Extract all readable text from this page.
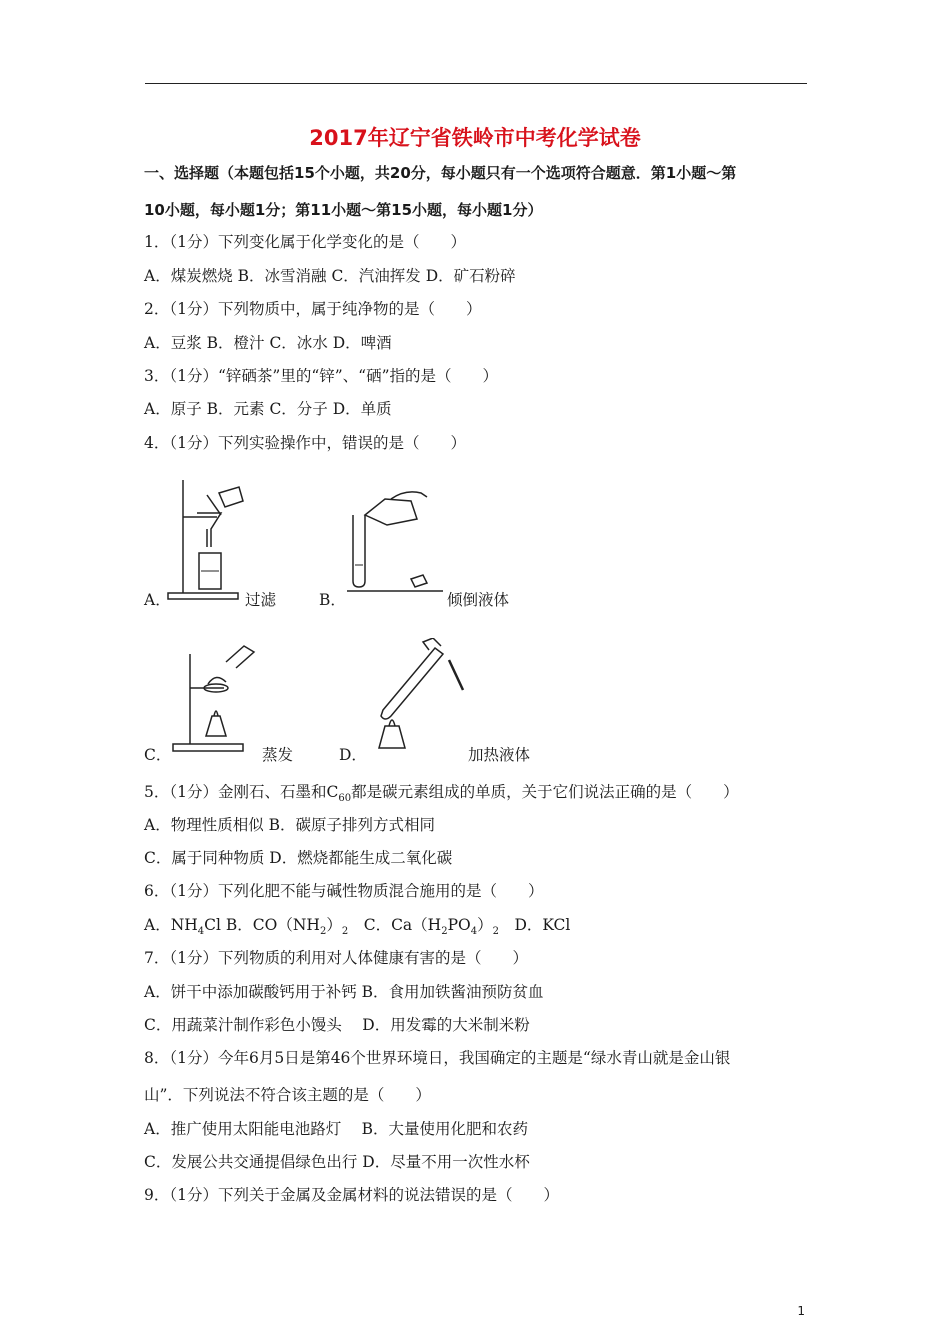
2017年辽宁省铁岭市中考化学试卷
一、选择题（本题包括15个小题，共20分，每小题只有一个选项符合题意．第1小题～第
10小题，每小题1分；第11小题～第15小题，每小题1分）
1．（1分）下列变化属于化学变化的是（　　）
A．煤炭燃烧 B．冰雪消融 C．汽油挥发 D．矿石粉碎
2．（1分）下列物质中，属于纯净物的是（　　）
A．豆浆 B．橙汁 C．冰水 D．啤酒
3．（1分）“锌硒茶”里的“锌”、“硒”指的是（　　）
A．原子 B．元素 C．分子 D．单质
4．（1分）下列实验操作中，错误的是（　　）
A．	过滤	B．	倾倒液体
C．	蒸发	D．	加热液体
5．（1分）金刚石、石墨和$C_{60}$都是碳元素组成的单质，关于它们说法正确的是（　　）
A．物理性质相似 B．碳原子排列方式相同
C．属于同种物质 D．燃烧都能生成二氧化碳
6．（1分）下列化肥不能与碱性物质混合施用的是（　　）
A．$NH_4Cl$ B．$CO(NH_2)_2$　C．$Ca(H_2PO_4)_2$　D．KCl
7．（1分）下列物质的利用对人体健康有害的是（　　）
A．饼干中添加碳酸钙用于补钙 B．食用加铁酱油预防贫血
C．用蔬菜汁制作彩色小馒头　 D．用发霉的大米制米粉
8．（1分）今年6月5日是第46个世界环境日，我国确定的主题是“绿水青山就是金山银
山”．下列说法不符合该主题的是（　　）
A．推广使用太阳能电池路灯　 B．大量使用化肥和农药
C．发展公共交通提倡绿色出行 D．尽量不用一次性水杯
9．（1分）下列关于金属及金属材料的说法错误的是（　　）
1
